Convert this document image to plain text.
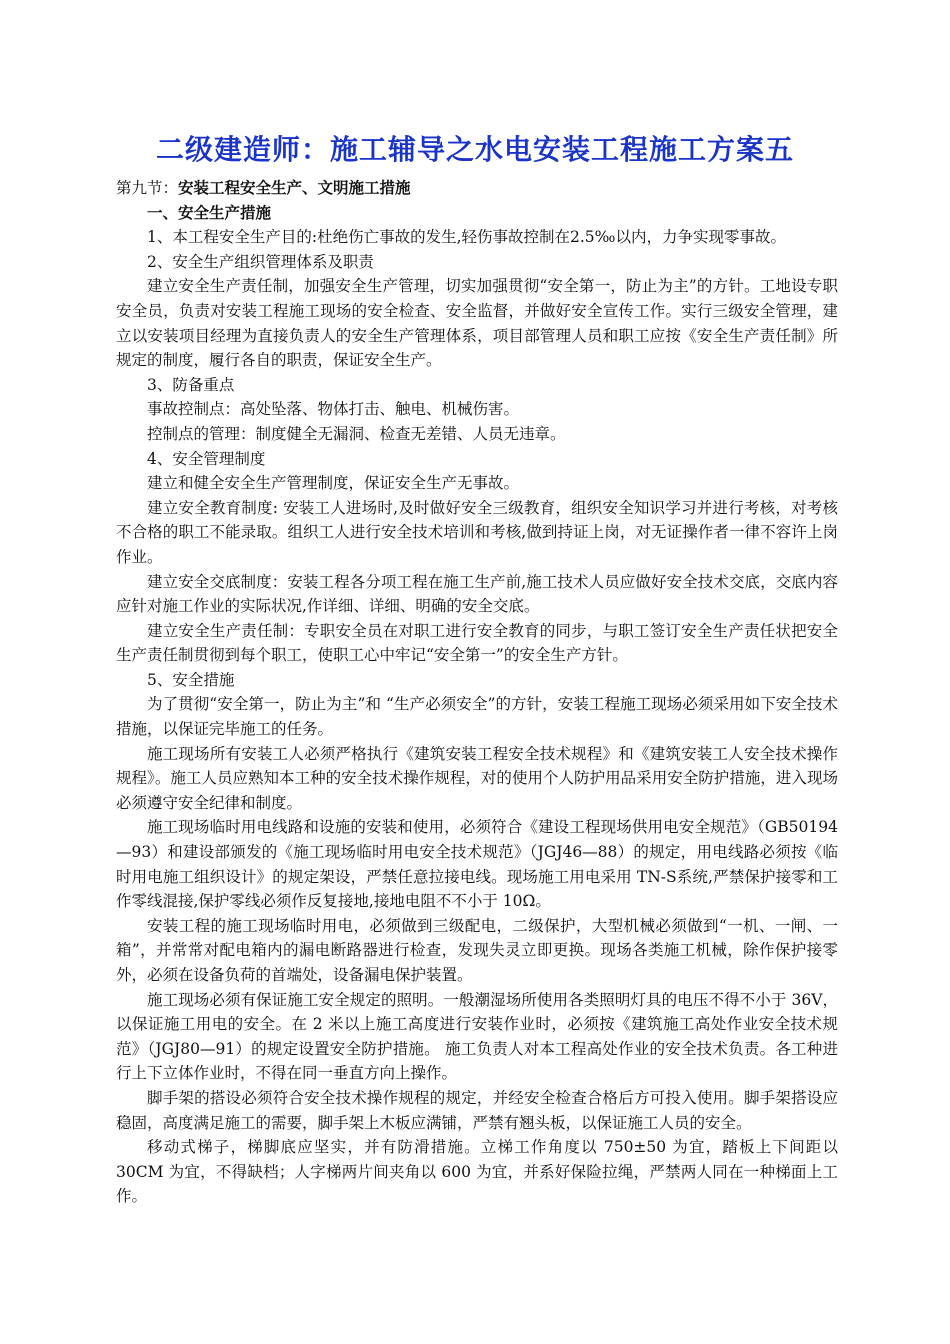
二级建造师：施工辅导之水电安装工程施工方案五

第九节：安装工程安全生产、文明施工措施

一、安全生产措施

1、本工程安全生产目的:杜绝伤亡事故的发生,轻伤事故控制在2.5‰以内，力争实现零事故。

2、安全生产组织管理体系及职责

建立安全生产责任制，加强安全生产管理，切实加强贯彻“安全第一，防止为主”的方针。工地设专职安全员，负责对安装工程施工现场的安全检查、安全监督，并做好安全宣传工作。实行三级安全管理，建立以安装项目经理为直接负责人的安全生产管理体系，项目部管理人员和职工应按《安全生产责任制》所规定的制度，履行各自的职责，保证安全生产。

3、防备重点

事故控制点：高处坠落、物体打击、触电、机械伤害。

控制点的管理：制度健全无漏洞、检查无差错、人员无违章。

4、安全管理制度

建立和健全安全生产管理制度，保证安全生产无事故。

建立安全教育制度: 安装工人进场时,及时做好安全三级教育，组织安全知识学习并进行考核，对考核不合格的职工不能录取。组织工人进行安全技术培训和考核,做到持证上岗，对无证操作者一律不容许上岗作业。

建立安全交底制度：安装工程各分项工程在施工生产前,施工技术人员应做好安全技术交底，交底内容应针对施工作业的实际状况,作详细、详细、明确的安全交底。

建立安全生产责任制：专职安全员在对职工进行安全教育的同步，与职工签订安全生产责任状把安全生产责任制贯彻到每个职工，使职工心中牢记“安全第一”的安全生产方针。

5、安全措施

为了贯彻“安全第一，防止为主”和 “生产必须安全”的方针，安装工程施工现场必须采用如下安全技术措施，以保证完毕施工的任务。

施工现场所有安装工人必须严格执行《建筑安装工程安全技术规程》和《建筑安装工人安全技术操作规程》。施工人员应熟知本工种的安全技术操作规程，对的使用个人防护用品采用安全防护措施，进入现场必须遵守安全纪律和制度。

施工现场临时用电线路和设施的安装和使用，必须符合《建设工程现场供用电安全规范》（GB50194—93）和建设部颁发的《施工现场临时用电安全技术规范》（JGJ46—88）的规定，用电线路必须按《临时用电施工组织设计》的规定架设，严禁任意拉接电线。现场施工用电采用 TN-S系统,严禁保护接零和工作零线混接,保护零线必须作反复接地,接地电阻不不小于 10Ω。

安装工程的施工现场临时用电，必须做到三级配电，二级保护，大型机械必须做到“一机、一闸、一箱”，并常常对配电箱内的漏电断路器进行检查，发现失灵立即更换。现场各类施工机械，除作保护接零外，必须在设备负荷的首端处，设备漏电保护装置。

施工现场必须有保证施工安全规定的照明。一般潮湿场所使用各类照明灯具的电压不得不小于 36V，以保证施工用电的安全。在 2 米以上施工高度进行安装作业时，必须按《建筑施工高处作业安全技术规范》（JGJ80—91）的规定设置安全防护措施。 施工负责人对本工程高处作业的安全技术负责。各工种进行上下立体作业时，不得在同一垂直方向上操作。

脚手架的搭设必须符合安全技术操作规程的规定，并经安全检查合格后方可投入使用。脚手架搭设应稳固，高度满足施工的需要，脚手架上木板应满铺，严禁有翘头板，以保证施工人员的安全。

移动式梯子，梯脚底应坚实，并有防滑措施。立梯工作角度以 750±50 为宜，踏板上下间距以 30CM 为宜，不得缺档；人字梯两片间夹角以 600 为宜，并系好保险拉绳，严禁两人同在一种梯面上工作。
